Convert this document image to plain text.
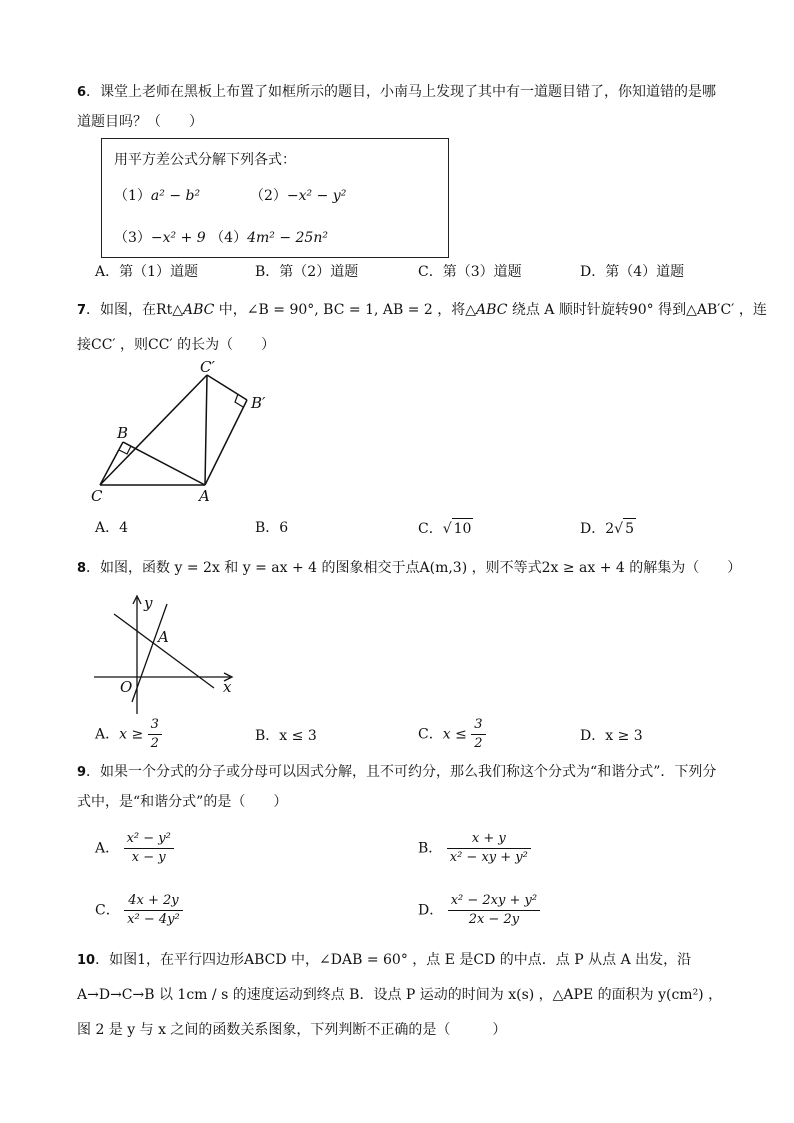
6．课堂上老师在黑板上布置了如框所示的题目，小南马上发现了其中有一道题目错了，你知道错的是哪
道题目吗？（　　）
用平方差公式分解下列各式：
（1）a² − b²	（2）−x² − y²
（3）−x² + 9 （4）4m² − 25n²
A．第（1）道题	B．第（2）道题	C．第（3）道题	D．第（4）道题
7．如图，在Rt△ABC 中，∠B = 90°, BC = 1, AB = 2 ，将△ABC 绕点 A 顺时针旋转90° 得到△AB′C′ ，连
接CC′ ，则CC′ 的长为（　　）
C′
B′
B
C	A
A．4	B．6	C．√ 10	D．2√ 5
8．如图，函数 y = 2x 和 y = ax + 4 的图象相交于点A(m,3) ，则不等式2x ≥ ax + 4 的解集为（　　）
y
x
O
A
A．$x \ge \frac{3}{2}$	B．x ≤ 3	C．$x \le \frac{3}{2}$	D．x ≥ 3
9．如果一个分式的分子或分母可以因式分解，且不可约分，那么我们称这个分式为“和谐分式”．下列分
式中，是“和谐分式”的是（　　）
A． $\frac{\text{x² − y²}}{x - y}$	B． $\frac{x + y}{\text{x² − xy + y²}}$
C． $\frac{4x + 2y}{\text{x² − 4y²}}$	D． $\frac{\text{x² − 2xy + y²}}{2x - 2y}$
10．如图1，在平行四边形ABCD 中，∠DAB = 60° ，点 E 是CD 的中点．点 P 从点 A 出发，沿
A→D→C→B 以 1cm / s 的速度运动到终点 B．设点 P 运动的时间为 x(s) ，△APE 的面积为 y(cm²) ，
图 2 是 y 与 x 之间的函数关系图象，下列判断不正确的是（　　　）
